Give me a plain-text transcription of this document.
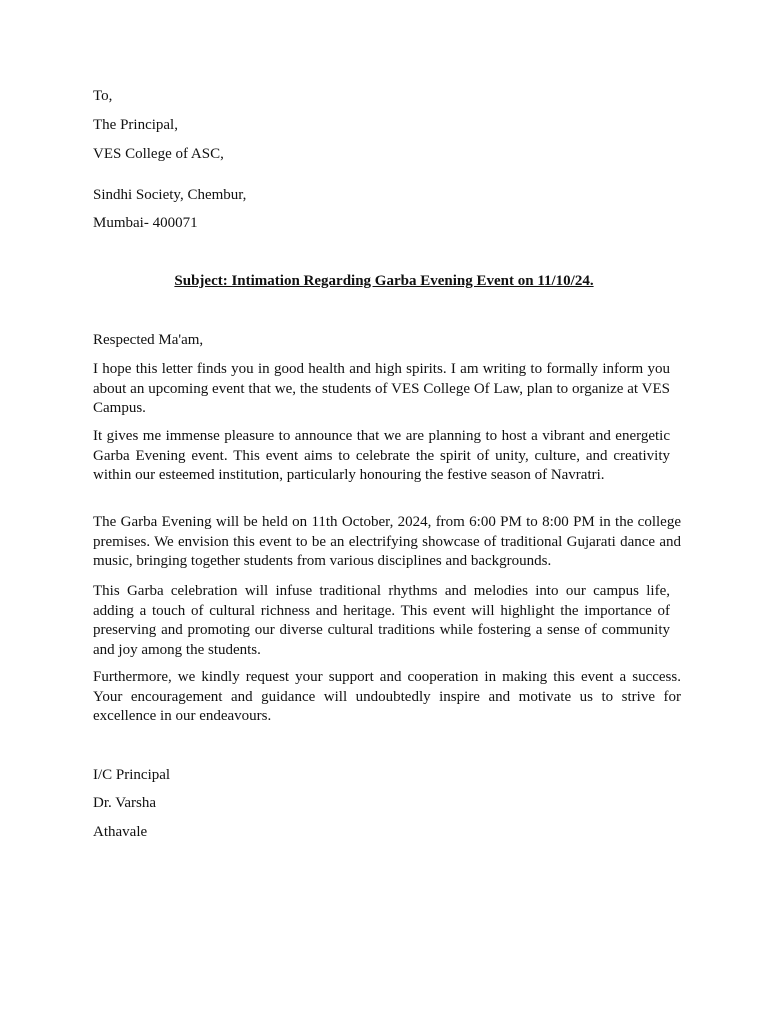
To,
The Principal,
VES College of ASC,
Sindhi Society, Chembur,
Mumbai- 400071
Subject: Intimation Regarding Garba Evening Event on 11/10/24.
Respected Ma'am,

I hope this letter finds you in good health and high spirits. I am writing to formally inform you about an upcoming event that we, the students of VES College Of Law, plan to organize at VES Campus.

It gives me immense pleasure to announce that we are planning to host a vibrant and energetic Garba Evening event. This event aims to celebrate the spirit of unity, culture, and creativity within our esteemed institution, particularly honouring the festive season of Navratri.

The Garba Evening will be held on 11th October, 2024, from 6:00 PM to 8:00 PM in the college premises. We envision this event to be an electrifying showcase of traditional Gujarati dance and music, bringing together students from various disciplines and backgrounds.

This Garba celebration will infuse traditional rhythms and melodies into our campus life, adding a touch of cultural richness and heritage. This event will highlight the importance of preserving and promoting our diverse cultural traditions while fostering a sense of community and joy among the students.

Furthermore, we kindly request your support and cooperation in making this event a success. Your encouragement and guidance will undoubtedly inspire and motivate us to strive for excellence in our endeavours.

I/C Principal
Dr. Varsha
Athavale
